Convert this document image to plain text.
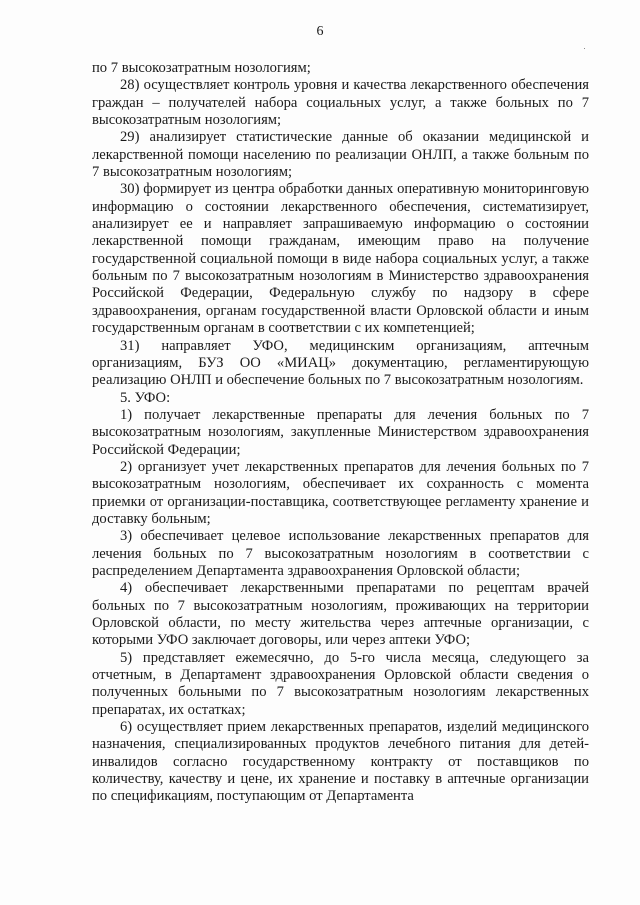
6

по 7 высокозатратным нозологиям;

28) осуществляет контроль уровня и качества лекарственного обеспечения граждан – получателей набора социальных услуг, а также больных по 7 высокозатратным нозологиям;

29) анализирует статистические данные об оказании медицинской и лекарственной помощи населению по реализации ОНЛП, а также больным по 7 высокозатратным нозологиям;

30) формирует из центра обработки данных оперативную мониторинговую информацию о состоянии лекарственного обеспечения, систематизирует, анализирует ее и направляет запрашиваемую информацию о состоянии лекарственной помощи гражданам, имеющим право на получение государственной социальной помощи в виде набора социальных услуг, а также больным по 7 высокозатратным нозологиям в Министерство здравоохранения Российской Федерации, Федеральную службу по надзору в сфере здравоохранения, органам государственной власти Орловской области и иным государственным органам в соответствии с их компетенцией;

31) направляет УФО, медицинским организациям, аптечным организациям, БУЗ ОО «МИАЦ» документацию, регламентирующую реализацию ОНЛП и обеспечение больных по 7 высокозатратным нозологиям.

5. УФО:

1) получает лекарственные препараты для лечения больных по 7 высокозатратным нозологиям, закупленные Министерством здравоохранения Российской Федерации;

2) организует учет лекарственных препаратов для лечения больных по 7 высокозатратным нозологиям, обеспечивает их сохранность с момента приемки от организации-поставщика, соответствующее регламенту хранение и доставку больным;

3) обеспечивает целевое использование лекарственных препаратов для лечения больных по 7 высокозатратным нозологиям в соответствии с распределением Департамента здравоохранения Орловской области;

4) обеспечивает лекарственными препаратами по рецептам врачей больных по 7 высокозатратным нозологиям, проживающих на территории Орловской области, по месту жительства через аптечные организации, с которыми УФО заключает договоры, или через аптеки УФО;

5) представляет ежемесячно, до 5-го числа месяца, следующего за отчетным, в Департамент здравоохранения Орловской области сведения о полученных больными по 7 высокозатратным нозологиям лекарственных препаратах, их остатках;

6) осуществляет прием лекарственных препаратов, изделий медицинского назначения, специализированных продуктов лечебного питания для детей-инвалидов согласно государственному контракту от поставщиков по количеству, качеству и цене, их хранение и поставку в аптечные организации по спецификациям, поступающим от Департамента
